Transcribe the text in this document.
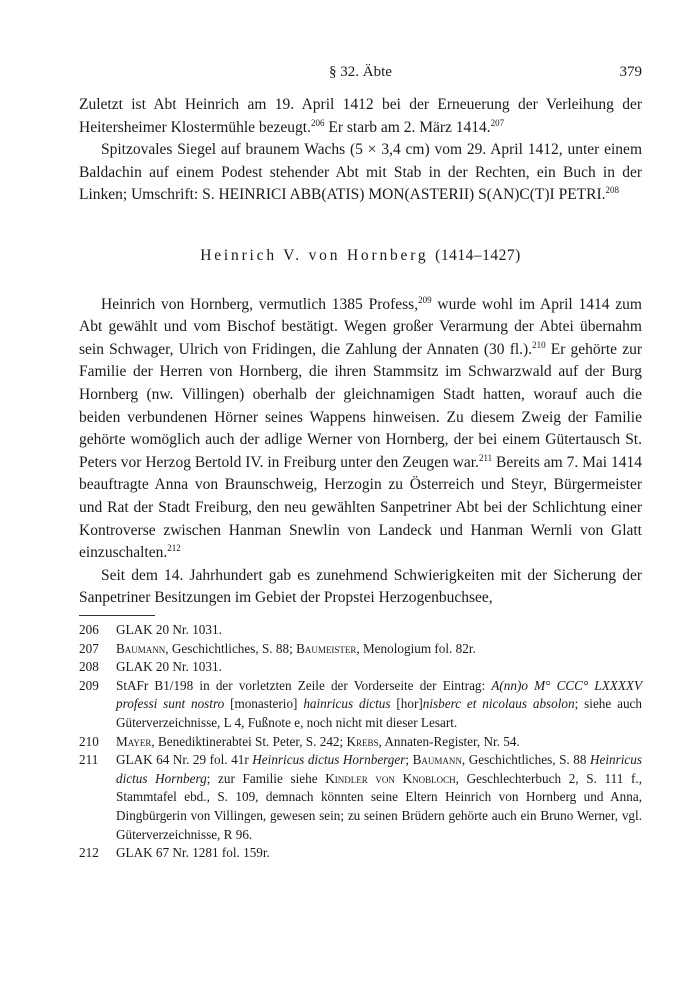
§ 32. Äbte	379

Zuletzt ist Abt Heinrich am 19. April 1412 bei der Erneuerung der Verleihung der Heitersheimer Klostermühle bezeugt.$^{206}$ Er starb am 2. März 1414.$^{207}$

Spitzovales Siegel auf braunem Wachs (5 × 3,4 cm) vom 29. April 1412, unter einem Baldachin auf einem Podest stehender Abt mit Stab in der Rechten, ein Buch in der Linken; Umschrift: S. HEINRICI ABB(ATIS) MON(ASTERII) S(AN)C(T)I PETRI.$^{208}$

Heinrich V. von Hornberg (1414–1427)

Heinrich von Hornberg, vermutlich 1385 Profess,$^{209}$ wurde wohl im April 1414 zum Abt gewählt und vom Bischof bestätigt. Wegen großer Verarmung der Abtei übernahm sein Schwager, Ulrich von Fridingen, die Zahlung der Annaten (30 fl.).$^{210}$ Er gehörte zur Familie der Herren von Hornberg, die ihren Stammsitz im Schwarzwald auf der Burg Hornberg (nw. Villingen) oberhalb der gleichnamigen Stadt hatten, worauf auch die beiden verbundenen Hörner seines Wappens hinweisen. Zu diesem Zweig der Familie gehörte womöglich auch der adlige Werner von Hornberg, der bei einem Gütertausch St. Peters vor Herzog Bertold IV. in Freiburg unter den Zeugen war.$^{211}$ Bereits am 7. Mai 1414 beauftragte Anna von Braunschweig, Herzogin zu Österreich und Steyr, Bürgermeister und Rat der Stadt Freiburg, den neu gewählten Sanpetriner Abt bei der Schlichtung einer Kontroverse zwischen Hanman Snewlin von Landeck und Hanman Wernli von Glatt einzuschalten.$^{212}$

Seit dem 14. Jahrhundert gab es zunehmend Schwierigkeiten mit der Sicherung der Sanpetriner Besitzungen im Gebiet der Propstei Herzogenbuchsee,

206 GLAK 20 Nr. 1031.
207 Baumann, Geschichtliches, S. 88; Baumeister, Menologium fol. 82r.
208 GLAK 20 Nr. 1031.
209 StAFr B1/198 in der vorletzten Zeile der Vorderseite der Eintrag: A(nn)o M° CCC° LXXXXV professi sunt nostro [monasterio] hainricus dictus [hor]nisberc et nicolaus absolon; siehe auch Güterverzeichnisse, L 4, Fußnote e, noch nicht mit dieser Lesart.
210 Mayer, Benediktinerabtei St. Peter, S. 242; Krebs, Annaten-Register, Nr. 54.
211 GLAK 64 Nr. 29 fol. 41r Heinricus dictus Hornberger; Baumann, Geschichtliches, S. 88 Heinricus dictus Hornberg; zur Familie siehe Kindler von Knobloch, Geschlechterbuch 2, S. 111 f., Stammtafel ebd., S. 109, demnach könnten seine Eltern Heinrich von Hornberg und Anna, Dingbürgerin von Villingen, gewesen sein; zu seinen Brüdern gehörte auch ein Bruno Werner, vgl. Güterverzeichnisse, R 96.
212 GLAK 67 Nr. 1281 fol. 159r.
